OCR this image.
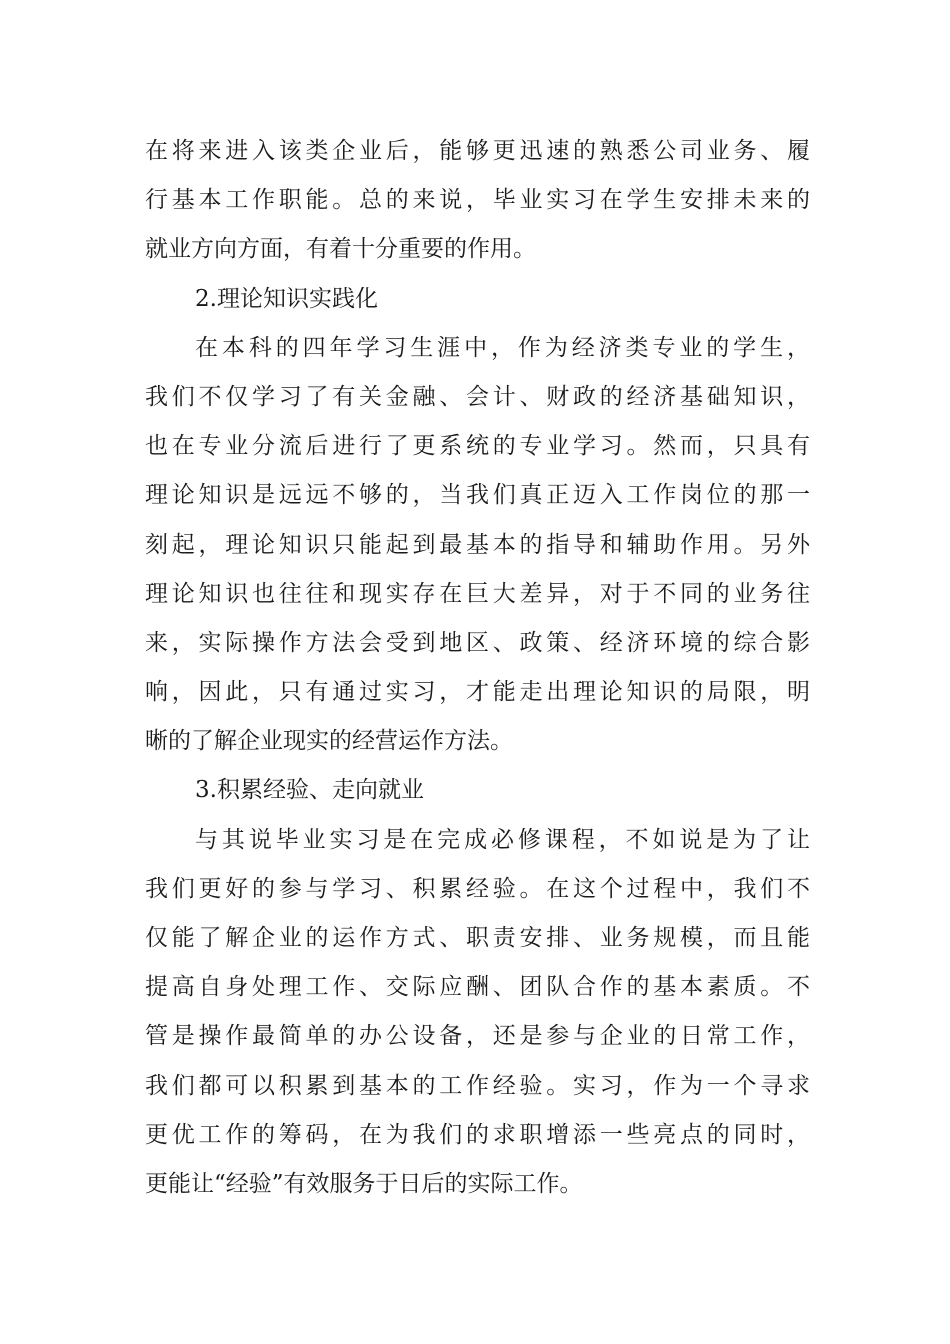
在将来进入该类企业后，能够更迅速的熟悉公司业务、履
行基本工作职能。总的来说，毕业实习在学生安排未来的
就业方向方面，有着十分重要的作用。
2.理论知识实践化
在本科的四年学习生涯中，作为经济类专业的学生，
我们不仅学习了有关金融、会计、财政的经济基础知识，
也在专业分流后进行了更系统的专业学习。然而，只具有
理论知识是远远不够的，当我们真正迈入工作岗位的那一
刻起，理论知识只能起到最基本的指导和辅助作用。另外
理论知识也往往和现实存在巨大差异，对于不同的业务往
来，实际操作方法会受到地区、政策、经济环境的综合影
响，因此，只有通过实习，才能走出理论知识的局限，明
晰的了解企业现实的经营运作方法。
3.积累经验、走向就业
与其说毕业实习是在完成必修课程，不如说是为了让
我们更好的参与学习、积累经验。在这个过程中，我们不
仅能了解企业的运作方式、职责安排、业务规模，而且能
提高自身处理工作、交际应酬、团队合作的基本素质。不
管是操作最简单的办公设备，还是参与企业的日常工作，
我们都可以积累到基本的工作经验。实习，作为一个寻求
更优工作的筹码，在为我们的求职增添一些亮点的同时，
更能让“经验”有效服务于日后的实际工作。
